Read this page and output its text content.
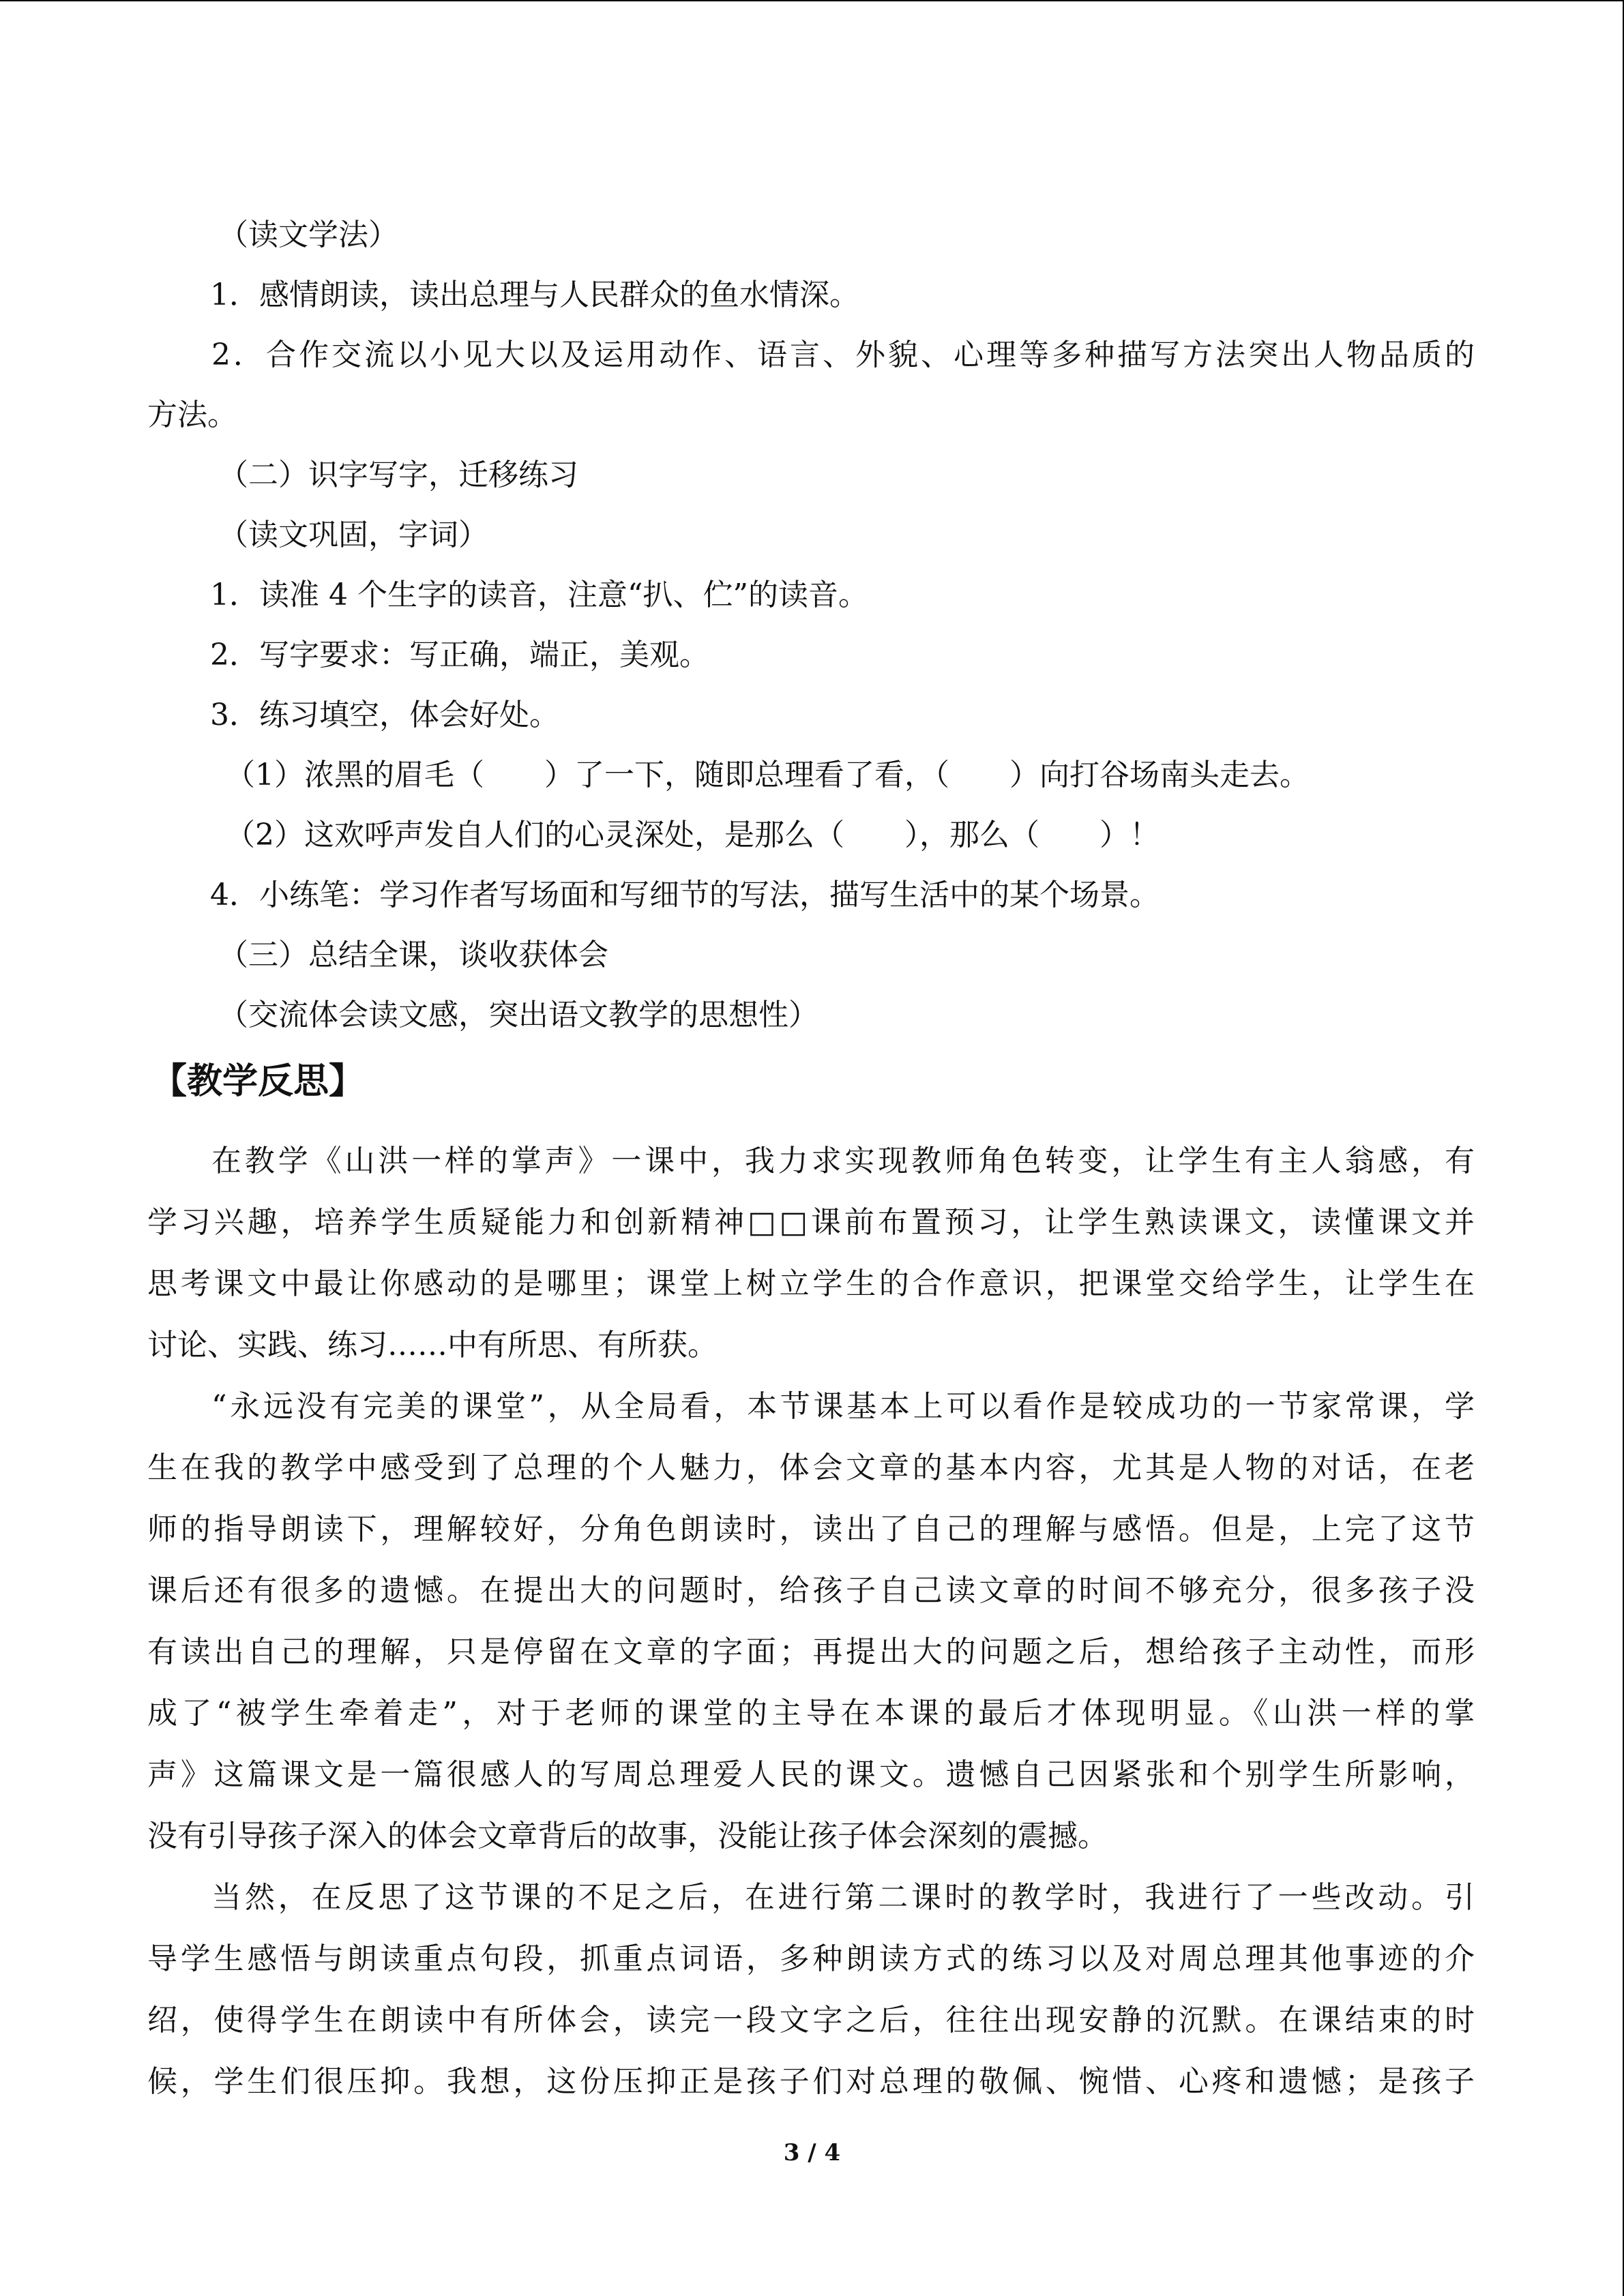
（读文学法）
1．感情朗读，读出总理与人民群众的鱼水情深。
2．合作交流以小见大以及运用动作、语言、外貌、心理等多种描写方法突出人物品质的
方法。
（二）识字写字，迁移练习
（读文巩固，字词）
1．读准 4 个生字的读音，注意“扒、伫”的读音。
2．写字要求：写正确，端正，美观。
3．练习填空，体会好处。
（1）浓黑的眉毛（　　）了一下，随即总理看了看，（　　）向打谷场南头走去。
（2）这欢呼声发自人们的心灵深处，是那么（　　），那么（　　）！
4．小练笔：学习作者写场面和写细节的写法，描写生活中的某个场景。
（三）总结全课，谈收获体会
（交流体会读文感，突出语文教学的思想性）
【教学反思】
在教学《山洪一样的掌声》一课中，我力求实现教师角色转变，让学生有主人翁感，有
学习兴趣，培养学生质疑能力和创新精神□□课前布置预习，让学生熟读课文，读懂课文并
思考课文中最让你感动的是哪里；课堂上树立学生的合作意识，把课堂交给学生，让学生在
讨论、实践、练习……中有所思、有所获。
“永远没有完美的课堂”，从全局看，本节课基本上可以看作是较成功的一节家常课，学
生在我的教学中感受到了总理的个人魅力，体会文章的基本内容，尤其是人物的对话，在老
师的指导朗读下，理解较好，分角色朗读时，读出了自己的理解与感悟。但是，上完了这节
课后还有很多的遗憾。在提出大的问题时，给孩子自己读文章的时间不够充分，很多孩子没
有读出自己的理解，只是停留在文章的字面；再提出大的问题之后，想给孩子主动性，而形
成了“被学生牵着走”，对于老师的课堂的主导在本课的最后才体现明显。《山洪一样的掌
声》这篇课文是一篇很感人的写周总理爱人民的课文。遗憾自己因紧张和个别学生所影响，
没有引导孩子深入的体会文章背后的故事，没能让孩子体会深刻的震撼。
当然，在反思了这节课的不足之后，在进行第二课时的教学时，我进行了一些改动。引
导学生感悟与朗读重点句段，抓重点词语，多种朗读方式的练习以及对周总理其他事迹的介
绍，使得学生在朗读中有所体会，读完一段文字之后，往往出现安静的沉默。在课结束的时
候，学生们很压抑。我想，这份压抑正是孩子们对总理的敬佩、惋惜、心疼和遗憾；是孩子
3 / 4
